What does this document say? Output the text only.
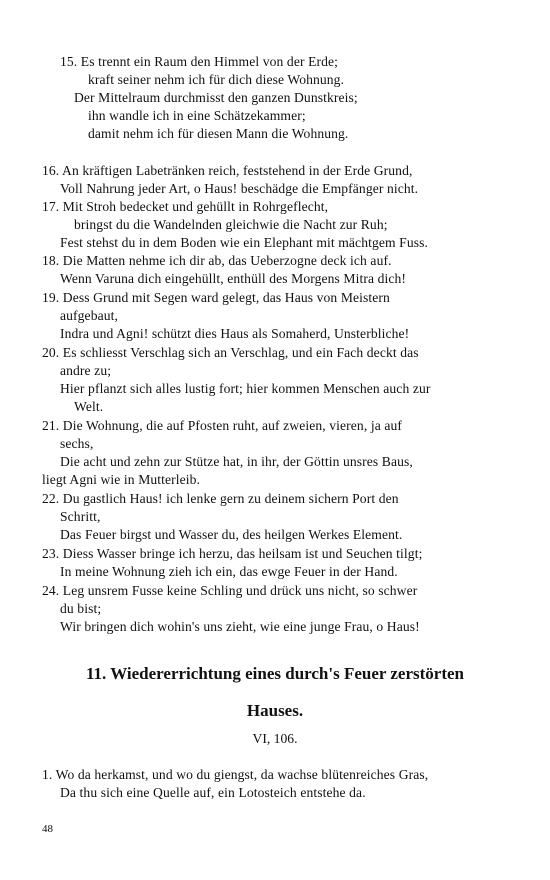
15. Es trennt ein Raum den Himmel von der Erde;
kraft seiner nehm ich für dich diese Wohnung.
Der Mittelraum durchmisst den ganzen Dunstkreis;
ihn wandle ich in eine Schätzekammer;
damit nehm ich für diesen Mann die Wohnung.
16. An kräftigen Labetränken reich, feststehend in der Erde Grund,
Voll Nahrung jeder Art, o Haus! beschädge die Empfänger nicht.
17. Mit Stroh bedecket und gehüllt in Rohrgeflecht,
bringst du die Wandelnden gleichwie die Nacht zur Ruh;
Fest stehst du in dem Boden wie ein Elephant mit mächtgem Fuss.
18. Die Matten nehme ich dir ab, das Ueberzogne deck ich auf.
Wenn Varuna dich eingehüllt, enthüll des Morgens Mitra dich!
19. Dess Grund mit Segen ward gelegt, das Haus von Meistern
aufgebaut,
Indra und Agni! schützt dies Haus als Somaherd, Unsterbliche!
20. Es schliesst Verschlag sich an Verschlag, und ein Fach deckt das
andre zu;
Hier pflanzt sich alles lustig fort; hier kommen Menschen auch zur
Welt.
21. Die Wohnung, die auf Pfosten ruht, auf zweien, vieren, ja auf
sechs,
Die acht und zehn zur Stütze hat, in ihr, der Göttin unsres Baus,
liegt Agni wie in Mutterleib.
22. Du gastlich Haus! ich lenke gern zu deinem sichern Port den
Schritt,
Das Feuer birgst und Wasser du, des heilgen Werkes Element.
23. Diess Wasser bringe ich herzu, das heilsam ist und Seuchen tilgt;
In meine Wohnung zieh ich ein, das ewge Feuer in der Hand.
24. Leg unsrem Fusse keine Schling und drück uns nicht, so schwer
du bist;
Wir bringen dich wohin's uns zieht, wie eine junge Frau, o Haus!
11. Wiedererrichtung eines durch's Feuer zerstörten
Hauses.
VI, 106.
1. Wo da herkamst, und wo du giengst, da wachse blütenreiches Gras,
Da thu sich eine Quelle auf, ein Lotosteich entstehe da.
48
